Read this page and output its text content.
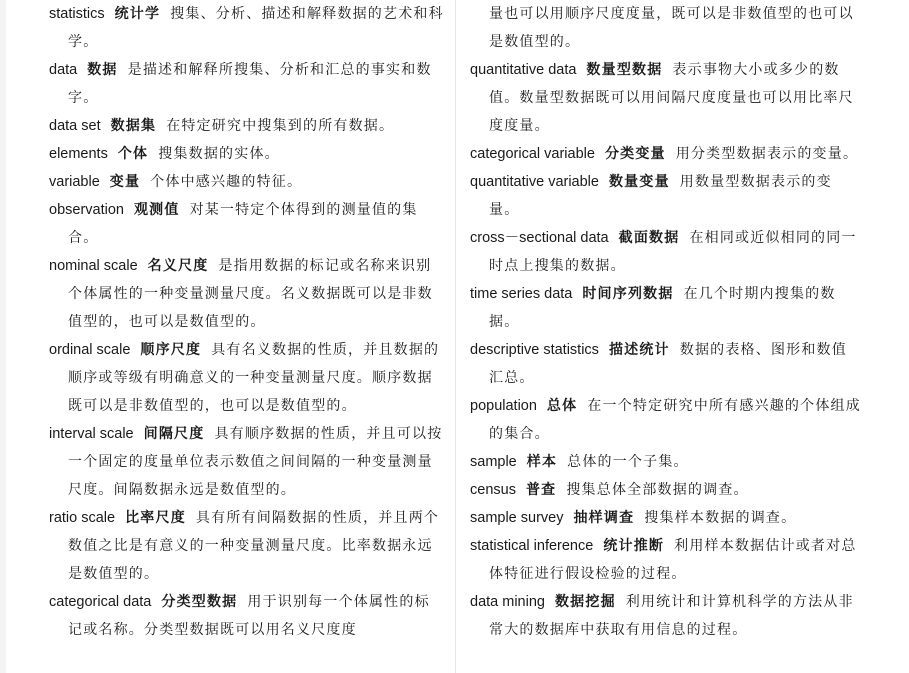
statistics 统计学 搜集、分析、描述和解释数据的艺术和科学。

data 数据 是描述和解释所搜集、分析和汇总的事实和数字。

data set 数据集 在特定研究中搜集到的所有数据。

elements 个体 搜集数据的实体。

variable 变量 个体中感兴趣的特征。

observation 观测值 对某一特定个体得到的测量值的集合。

nominal scale 名义尺度 是指用数据的标记或名称来识别个体属性的一种变量测量尺度。名义数据既可以是非数值型的，也可以是数值型的。

ordinal scale 顺序尺度 具有名义数据的性质，并且数据的顺序或等级有明确意义的一种变量测量尺度。顺序数据既可以是非数值型的，也可以是数值型的。

interval scale 间隔尺度 具有顺序数据的性质，并且可以按一个固定的度量单位表示数值之间间隔的一种变量测量尺度。间隔数据永远是数值型的。

ratio scale 比率尺度 具有所有间隔数据的性质，并且两个数值之比是有意义的一种变量测量尺度。比率数据永远是数值型的。

categorical data 分类型数据 用于识别每一个体属性的标记或名称。分类型数据既可以用名义尺度度

量也可以用顺序尺度度量，既可以是非数值型的也可以是数值型的。

quantitative data 数量型数据 表示事物大小或多少的数值。数量型数据既可以用间隔尺度度量也可以用比率尺度度量。

categorical variable 分类变量 用分类型数据表示的变量。

quantitative variable 数量变量 用数量型数据表示的变量。

cross－sectional data 截面数据 在相同或近似相同的同一时点上搜集的数据。

time series data 时间序列数据 在几个时期内搜集的数据。

descriptive statistics 描述统计 数据的表格、图形和数值汇总。

population 总体 在一个特定研究中所有感兴趣的个体组成的集合。

sample 样本 总体的一个子集。

census 普查 搜集总体全部数据的调查。

sample survey 抽样调查 搜集样本数据的调查。

statistical inference 统计推断 利用样本数据估计或者对总体特征进行假设检验的过程。

data mining 数据挖掘 利用统计和计算机科学的方法从非常大的数据库中获取有用信息的过程。
